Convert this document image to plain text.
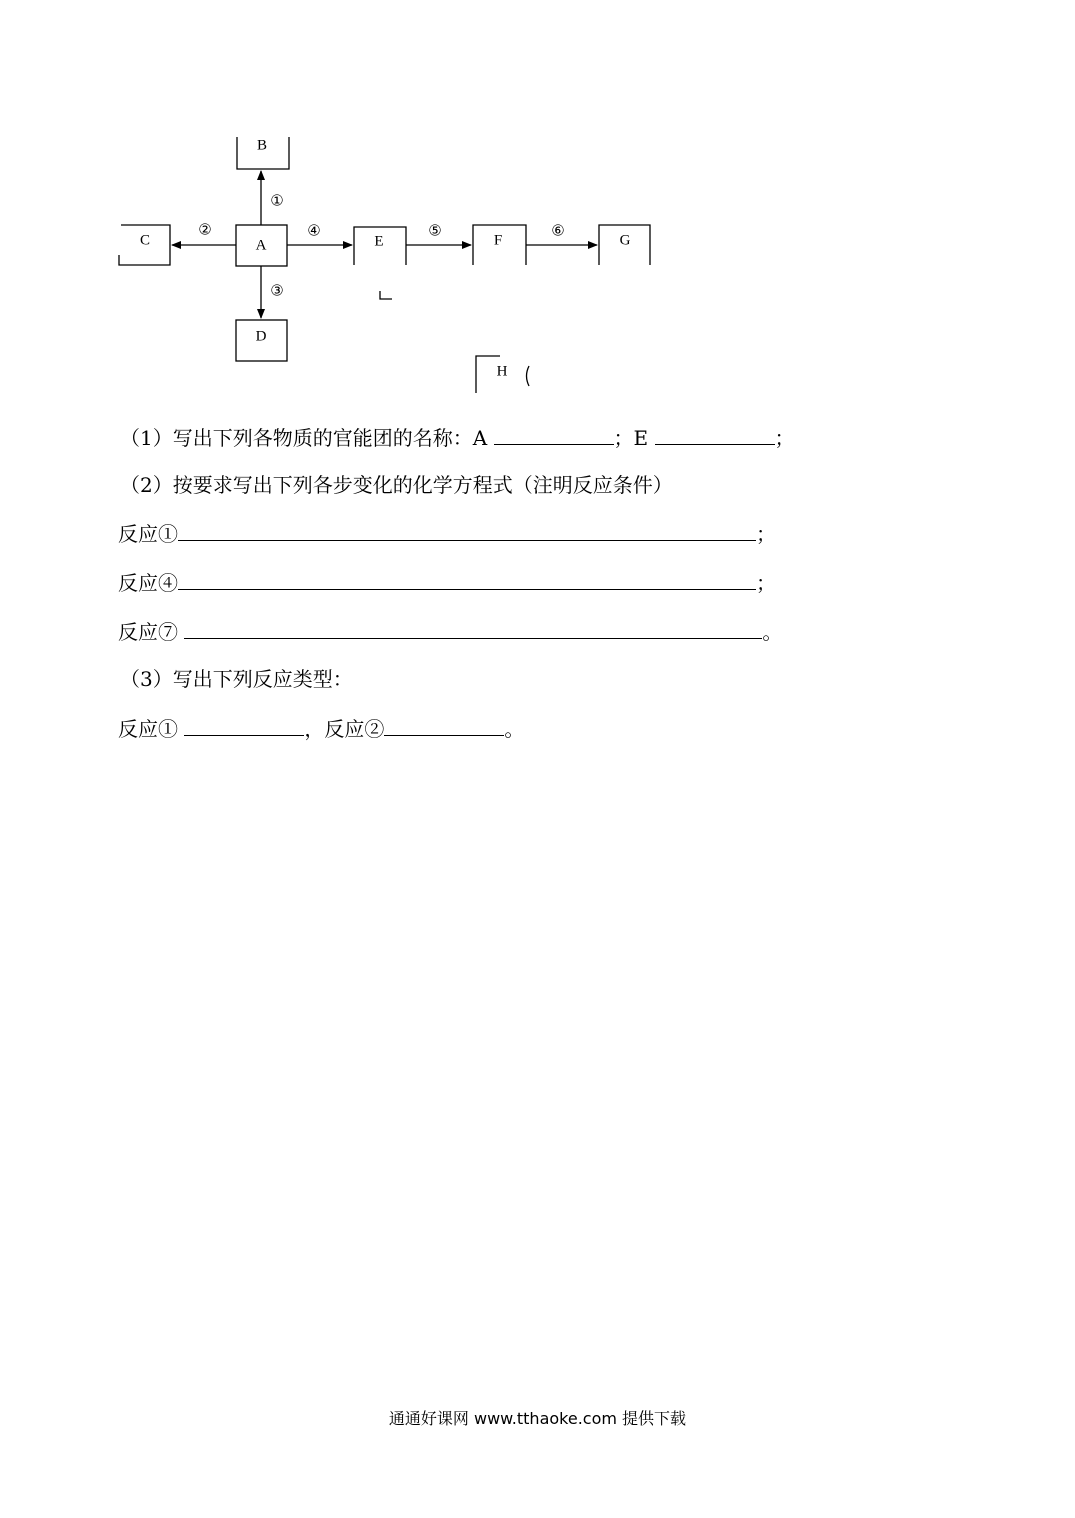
A
B
C
D
E	F	G
H
①
②
③
④	⑤	⑥
（1）写出下列各物质的官能团的名称：A	；E	；
（2）按要求写出下列各步变化的化学方程式（注明反应条件）
反应①	；
反应④	；
反应⑦	。
（3）写出下列反应类型：
反应①	，反应②	。
通通好课网 www.tthaoke.com 提供下载
